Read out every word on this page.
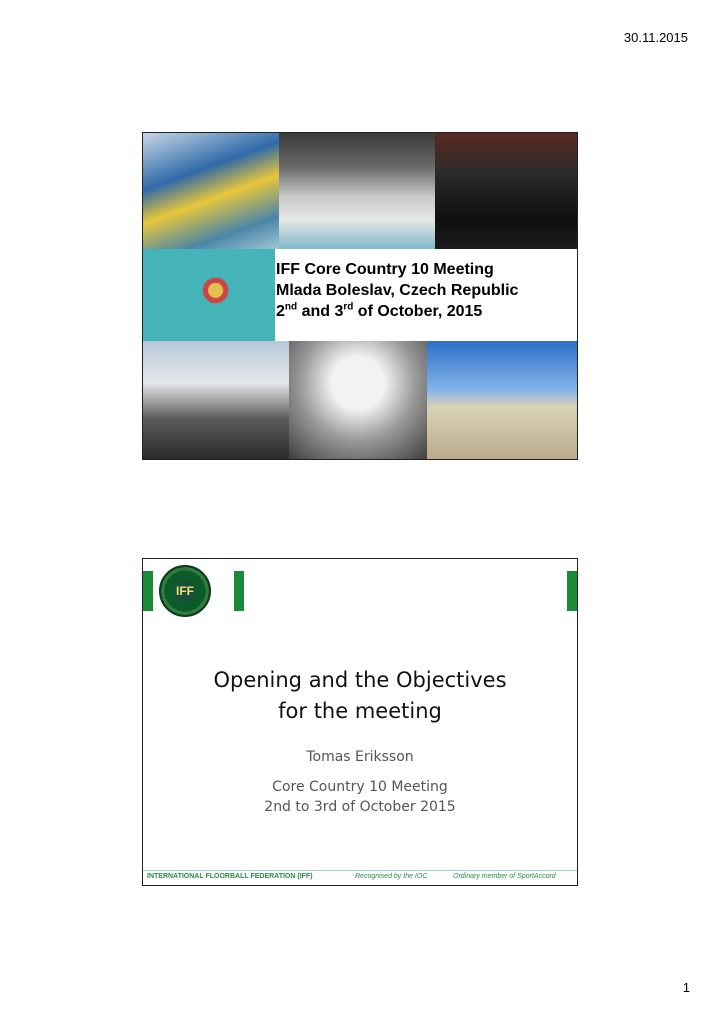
30.11.2015
IFF Core Country 10 Meeting
Mlada Boleslav, Czech Republic
2nd and 3rd of October, 2015
IFF
Opening and the Objectives
for the meeting
Tomas Eriksson
Core Country 10 Meeting
2nd to 3rd of October 2015
INTERNATIONAL FLOORBALL FEDERATION (IFF)	Recognised by the IOC	Ordinary member of SportAccord
1
